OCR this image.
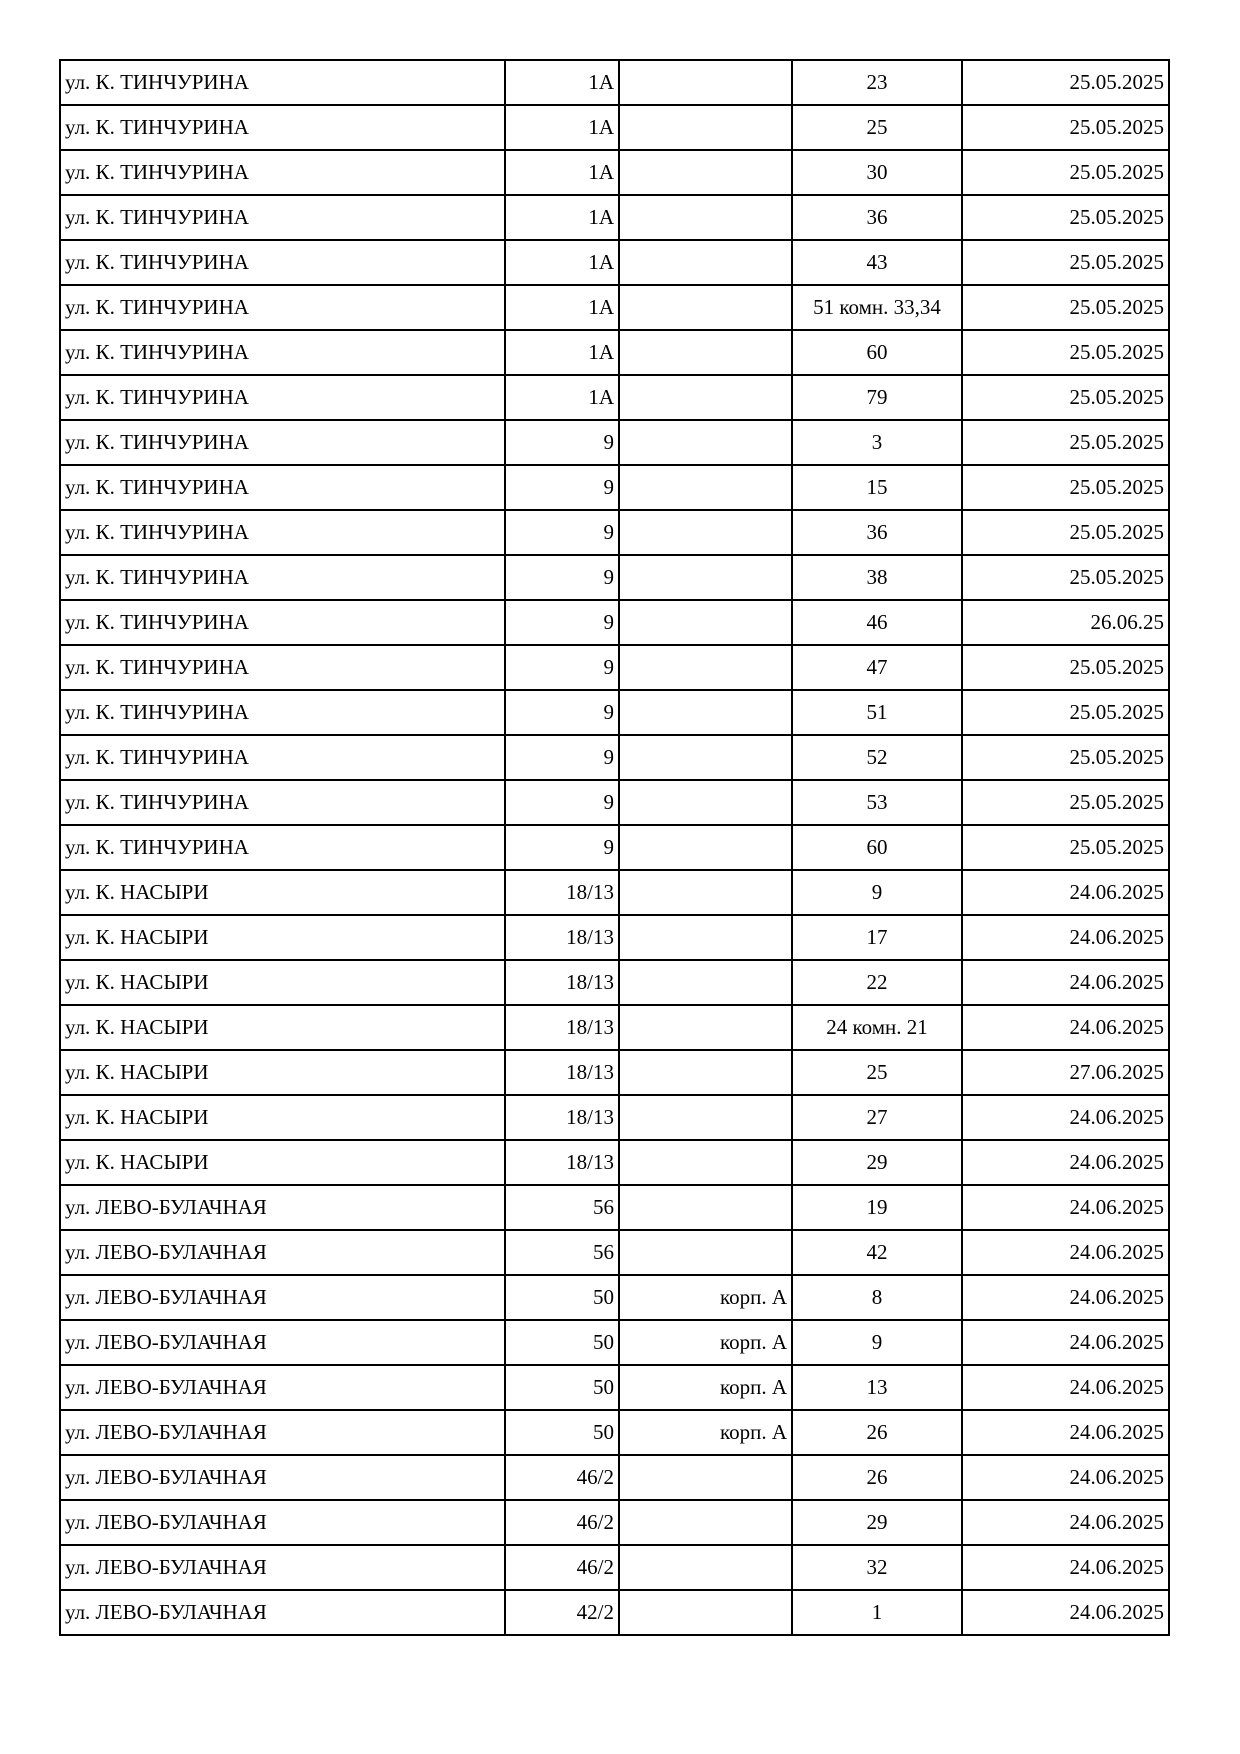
ул. К. ТИНЧУРИНА	1А		23	25.05.2025
ул. К. ТИНЧУРИНА	1А		25	25.05.2025
ул. К. ТИНЧУРИНА	1А		30	25.05.2025
ул. К. ТИНЧУРИНА	1А		36	25.05.2025
ул. К. ТИНЧУРИНА	1А		43	25.05.2025
ул. К. ТИНЧУРИНА	1А		51 комн. 33,34	25.05.2025
ул. К. ТИНЧУРИНА	1А		60	25.05.2025
ул. К. ТИНЧУРИНА	1А		79	25.05.2025
ул. К. ТИНЧУРИНА	9		3	25.05.2025
ул. К. ТИНЧУРИНА	9		15	25.05.2025
ул. К. ТИНЧУРИНА	9		36	25.05.2025
ул. К. ТИНЧУРИНА	9		38	25.05.2025
ул. К. ТИНЧУРИНА	9		46	26.06.25
ул. К. ТИНЧУРИНА	9		47	25.05.2025
ул. К. ТИНЧУРИНА	9		51	25.05.2025
ул. К. ТИНЧУРИНА	9		52	25.05.2025
ул. К. ТИНЧУРИНА	9		53	25.05.2025
ул. К. ТИНЧУРИНА	9		60	25.05.2025
ул. К. НАСЫРИ	18/13		9	24.06.2025
ул. К. НАСЫРИ	18/13		17	24.06.2025
ул. К. НАСЫРИ	18/13		22	24.06.2025
ул. К. НАСЫРИ	18/13		24 комн. 21	24.06.2025
ул. К. НАСЫРИ	18/13		25	27.06.2025
ул. К. НАСЫРИ	18/13		27	24.06.2025
ул. К. НАСЫРИ	18/13		29	24.06.2025
ул. ЛЕВО-БУЛАЧНАЯ	56		19	24.06.2025
ул. ЛЕВО-БУЛАЧНАЯ	56		42	24.06.2025
ул. ЛЕВО-БУЛАЧНАЯ	50	корп. А	8	24.06.2025
ул. ЛЕВО-БУЛАЧНАЯ	50	корп. А	9	24.06.2025
ул. ЛЕВО-БУЛАЧНАЯ	50	корп. А	13	24.06.2025
ул. ЛЕВО-БУЛАЧНАЯ	50	корп. А	26	24.06.2025
ул. ЛЕВО-БУЛАЧНАЯ	46/2		26	24.06.2025
ул. ЛЕВО-БУЛАЧНАЯ	46/2		29	24.06.2025
ул. ЛЕВО-БУЛАЧНАЯ	46/2		32	24.06.2025
ул. ЛЕВО-БУЛАЧНАЯ	42/2		1	24.06.2025
